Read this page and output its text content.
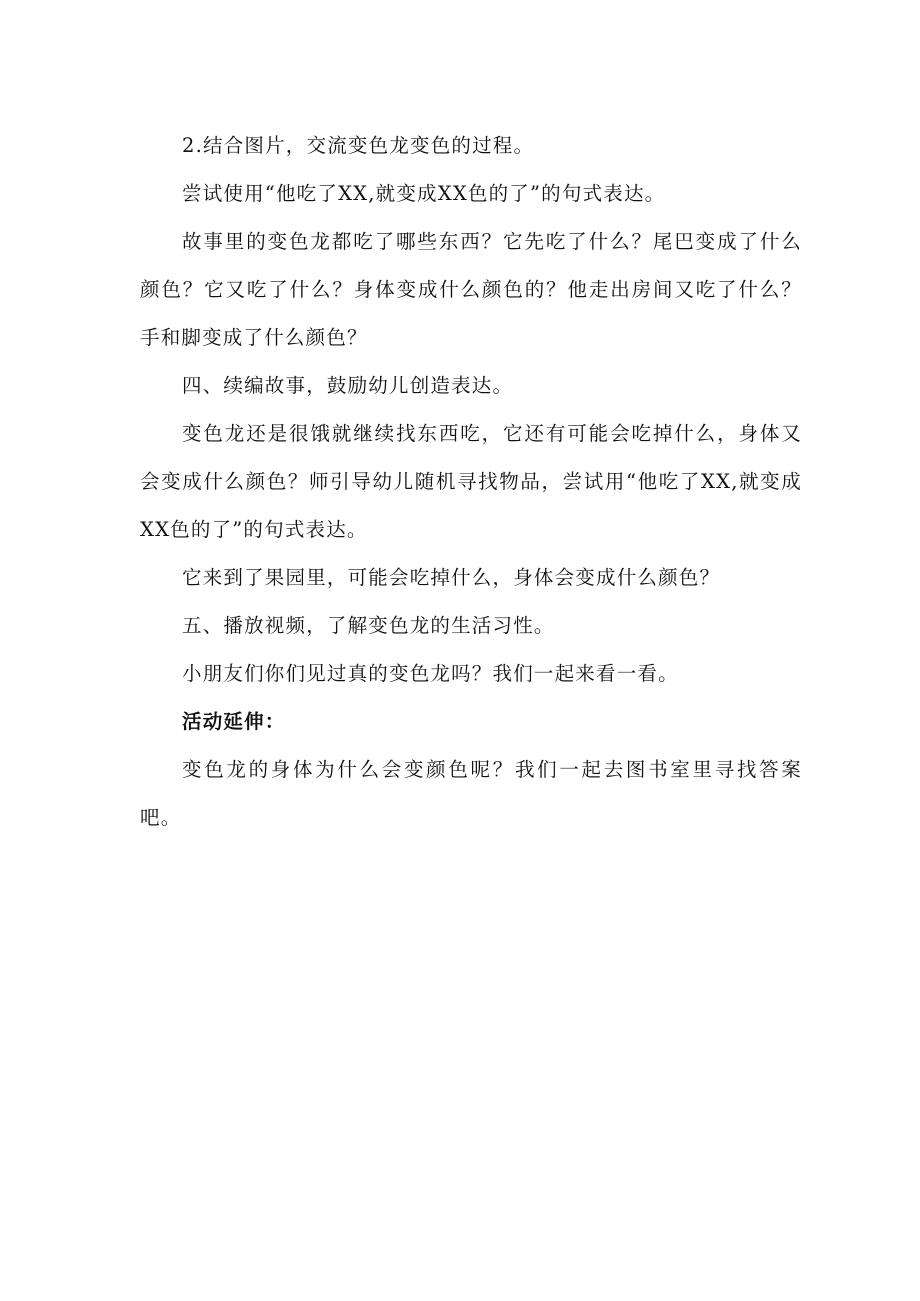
2.结合图片，交流变色龙变色的过程。

尝试使用“他吃了XX,就变成XX色的了”的句式表达。

故事里的变色龙都吃了哪些东西？它先吃了什么？尾巴变成了什么颜色？它又吃了什么？身体变成什么颜色的？他走出房间又吃了什么？手和脚变成了什么颜色？

四、续编故事，鼓励幼儿创造表达。

变色龙还是很饿就继续找东西吃，它还有可能会吃掉什么，身体又会变成什么颜色？师引导幼儿随机寻找物品，尝试用“他吃了XX,就变成XX色的了”的句式表达。

它来到了果园里，可能会吃掉什么，身体会变成什么颜色？

五、播放视频，了解变色龙的生活习性。

小朋友们你们见过真的变色龙吗？我们一起来看一看。

活动延伸：

变色龙的身体为什么会变颜色呢？我们一起去图书室里寻找答案吧。
